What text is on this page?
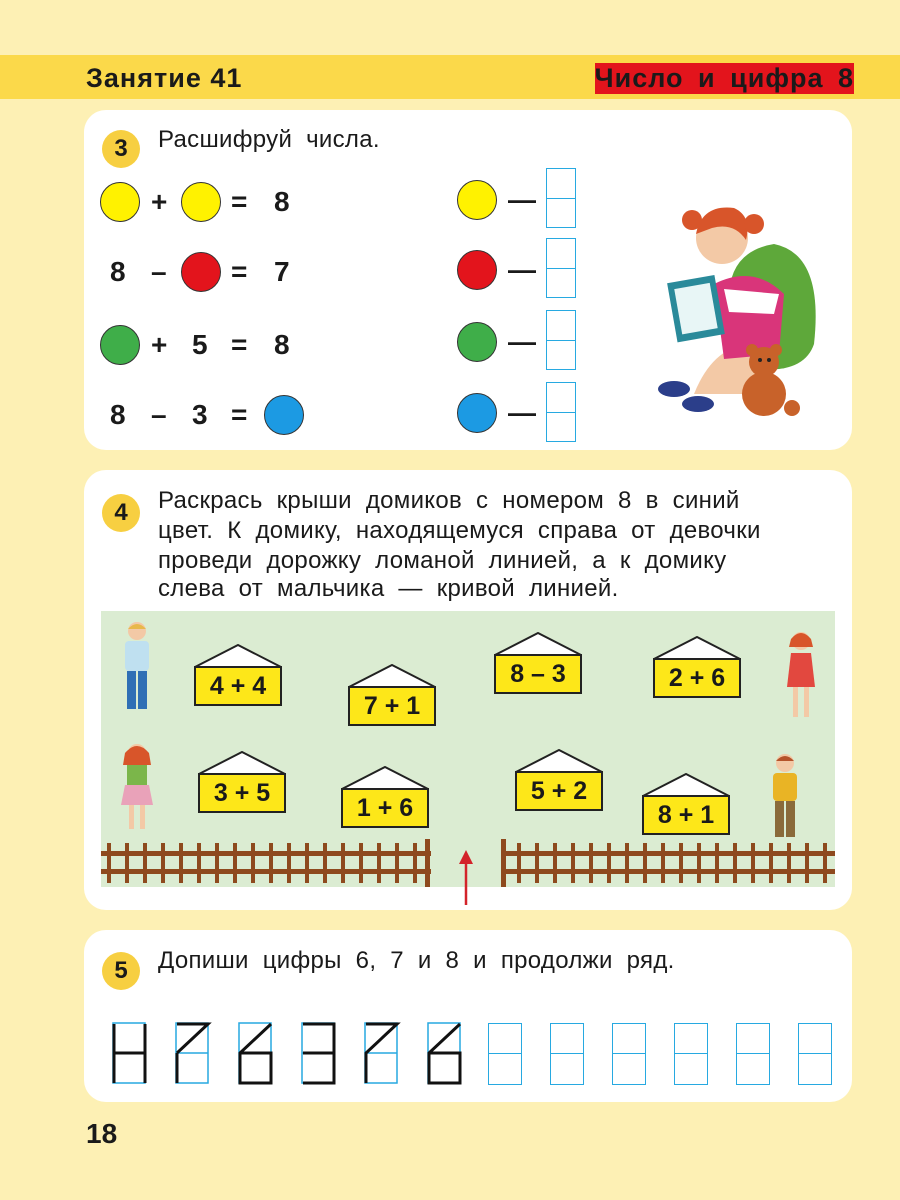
Занятие 41	Число и цифра 8
3	Расшифруй числа.
+ = 8
8 – = 7
+ 5 = 8
8 – 3 =
—
—
—
—
4	Раскрась крыши домиков с номером 8 в синий
цвет. К домику, находящемуся справа от девочки
проведи дорожку ломаной линией, а к домику
слева от мальчика — кривой линией.
4 + 4
7 + 1
8 – 3	2 + 6
3 + 5
1 + 6
5 + 2
8 + 1
5	Допиши цифры 6, 7 и 8 и продолжи ряд.
18
